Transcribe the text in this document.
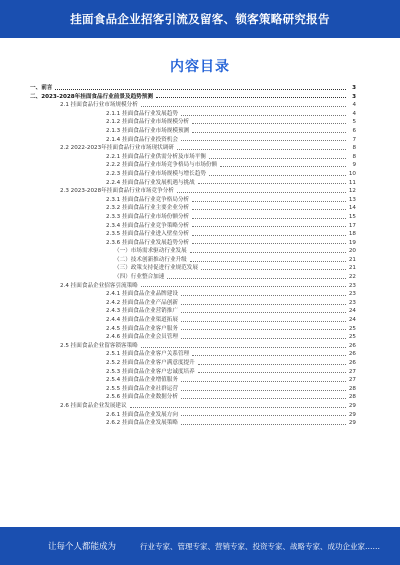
挂面食品企业招客引流及留客、锁客策略研究报告
内容目录
一、前言	3
二、2023-2028年挂面食品行业前景及趋势预测	3
2.1 挂面食品行业市场规模分析	4
2.1.1 挂面食品行业发展趋势	4
2.1.2 挂面食品行业市场规模分析	5
2.1.3 挂面食品行业市场规模预测	6
2.1.4 挂面食品行业投资机会	7
2.2 2022-2023年挂面食品行业市场现状调研	8
2.2.1 挂面食品行业供需分析及市场平衡	8
2.2.2 挂面食品行业市场竞争格局与市场份额	9
2.2.3 挂面食品行业市场规模与增长趋势	10
2.2.4 挂面食品行业发展机遇与挑战	11
2.3 2023-2028年挂面食品行业市场竞争分析	12
2.3.1 挂面食品行业竞争格局分析	13
2.3.2 挂面食品行业主要企业分析	14
2.3.3 挂面食品行业市场份额分析	15
2.3.4 挂面食品行业竞争策略分析	17
2.3.5 挂面食品行业进入壁垒分析	18
2.3.6 挂面食品行业发展趋势分析	19
（一）市场需求驱动行业发展	20
（二）技术创新推动行业升级	21
（三）政策支持促进行业规范发展	21
（四）行业整合加速	22
2.4 挂面食品企业招客引流策略	23
2.4.1 挂面食品企业品牌建设	23
2.4.2 挂面食品企业产品创新	23
2.4.3 挂面食品企业营销推广	24
2.4.4 挂面食品企业渠道拓展	24
2.4.5 挂面食品企业客户服务	25
2.4.6 挂面食品企业会员管理	25
2.5 挂面食品企业留客锁客策略	26
2.5.1 挂面食品企业客户关系管理	26
2.5.2 挂面食品企业客户满意度提升	26
2.5.3 挂面食品企业客户忠诚度培养	27
2.5.4 挂面食品企业增值服务	27
2.5.5 挂面食品企业社群运营	28
2.5.6 挂面食品企业数据分析	28
2.6 挂面食品企业发展建议	29
2.6.1 挂面食品企业发展方向	29
2.6.2 挂面食品企业发展策略	29
让每个人都能成为	行业专家、管理专家、营销专家、投资专家、战略专家、成功企业家……
